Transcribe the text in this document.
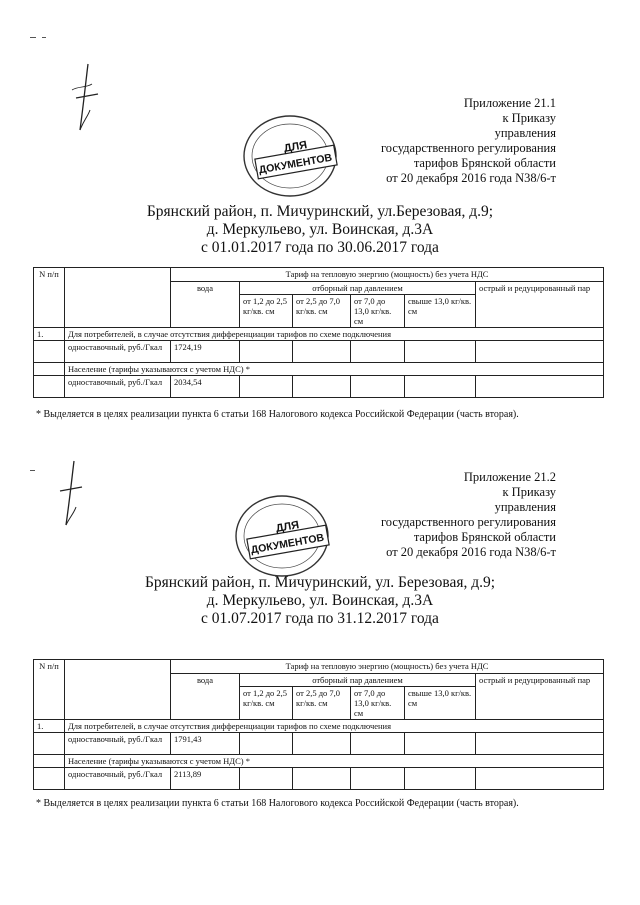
Приложение 21.1
к Приказу
управления
государственного регулирования
тарифов Брянской области
от 20 декабря 2016 года N38/6-т
ДЛЯ
ДОКУМЕНТОВ
Брянский район, п. Мичуринский, ул.Березовая, д.9;
д. Меркульево, ул. Воинская, д.3А
с 01.01.2017 года по 30.06.2017 года
N п/п		Тариф на тепловую энергию (мощность) без учета НДС					
		вода	отборный пар давлением				острый и редуцированный пар
			от 1,2 до 2,5 кг/кв. см	от 2,5 до 7,0 кг/кв. см	от 7,0 до 13,0 кг/кв. см	свыше 13,0 кг/кв. см	
1.	Для потребителей, в случае отсутствия дифференциации тарифов по схеме подключения						
	одноставочный, руб./Гкал	1724,19					
	Население (тарифы указываются с учетом НДС) *						
	одноставочный, руб./Гкал	2034,54					
* Выделяется в целях реализации пункта 6 статьи 168 Налогового кодекса Российской Федерации (часть вторая).
Приложение 21.2
к Приказу
управления
государственного регулирования
тарифов Брянской области
от 20 декабря 2016 года N38/6-т
ДЛЯ
ДОКУМЕНТОВ
Брянский район, п. Мичуринский, ул. Березовая, д.9;
д. Меркульево, ул. Воинская, д.3А
с 01.07.2017 года по 31.12.2017 года
N п/п		Тариф на тепловую энергию (мощность) без учета НДС					
		вода	отборный пар давлением				острый и редуцированный пар
			от 1,2 до 2,5 кг/кв. см	от 2,5 до 7,0 кг/кв. см	от 7,0 до 13,0 кг/кв. см	свыше 13,0 кг/кв. см	
1.	Для потребителей, в случае отсутствия дифференциации тарифов по схеме подключения						
	одноставочный, руб./Гкал	1791,43					
	Население (тарифы указываются с учетом НДС) *						
	одноставочный, руб./Гкал	2113,89					
* Выделяется в целях реализации пункта 6 статьи 168 Налогового кодекса Российской Федерации (часть вторая).
